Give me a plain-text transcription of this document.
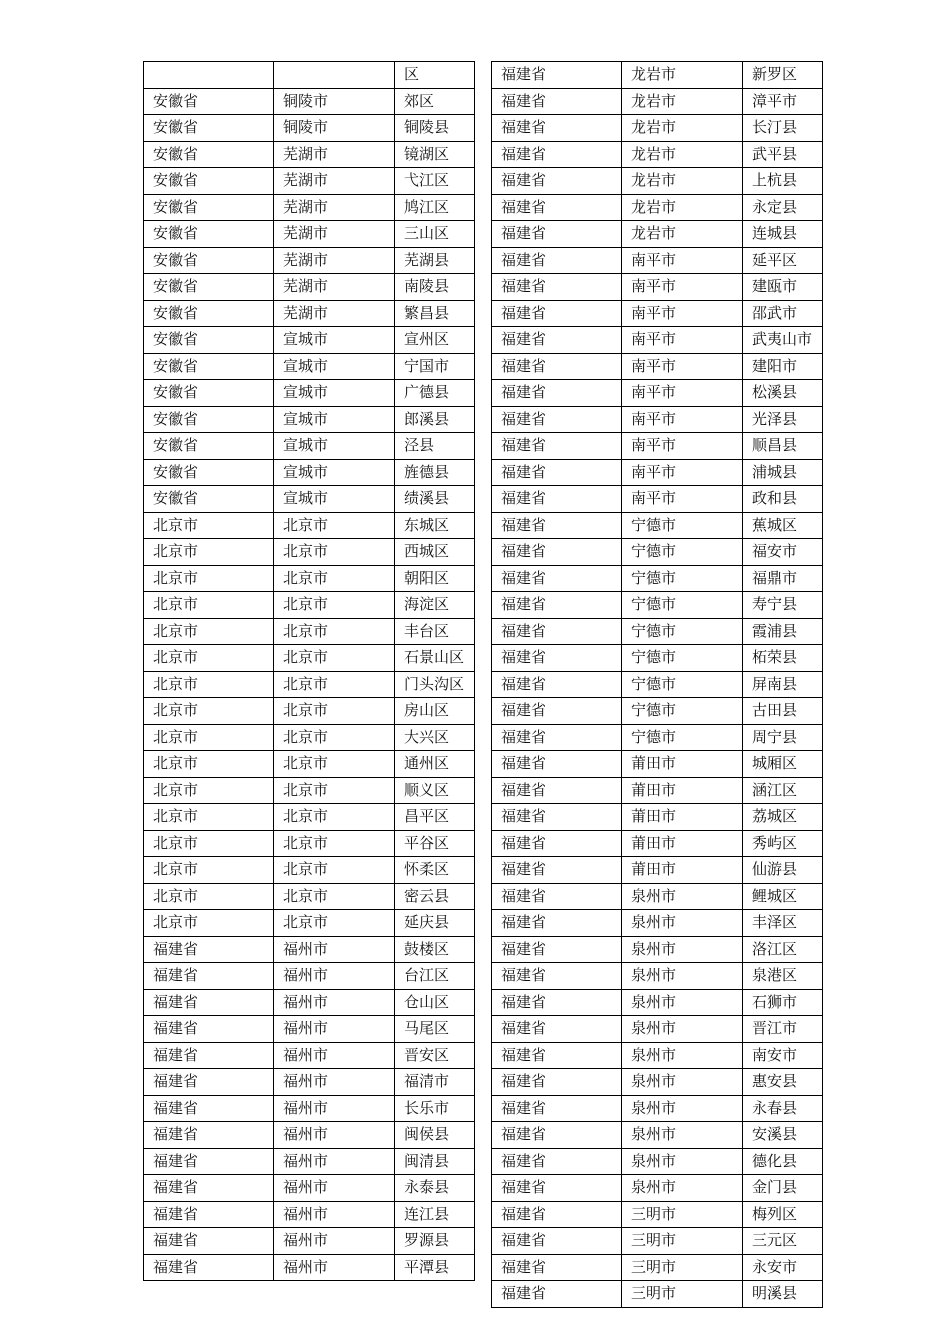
		区
安徽省	铜陵市	郊区
安徽省	铜陵市	铜陵县
安徽省	芜湖市	镜湖区
安徽省	芜湖市	弋江区
安徽省	芜湖市	鸠江区
安徽省	芜湖市	三山区
安徽省	芜湖市	芜湖县
安徽省	芜湖市	南陵县
安徽省	芜湖市	繁昌县
安徽省	宣城市	宣州区
安徽省	宣城市	宁国市
安徽省	宣城市	广德县
安徽省	宣城市	郎溪县
安徽省	宣城市	泾县
安徽省	宣城市	旌德县
安徽省	宣城市	绩溪县
北京市	北京市	东城区
北京市	北京市	西城区
北京市	北京市	朝阳区
北京市	北京市	海淀区
北京市	北京市	丰台区
北京市	北京市	石景山区
北京市	北京市	门头沟区
北京市	北京市	房山区
北京市	北京市	大兴区
北京市	北京市	通州区
北京市	北京市	顺义区
北京市	北京市	昌平区
北京市	北京市	平谷区
北京市	北京市	怀柔区
北京市	北京市	密云县
北京市	北京市	延庆县
福建省	福州市	鼓楼区
福建省	福州市	台江区
福建省	福州市	仓山区
福建省	福州市	马尾区
福建省	福州市	晋安区
福建省	福州市	福清市
福建省	福州市	长乐市
福建省	福州市	闽侯县
福建省	福州市	闽清县
福建省	福州市	永泰县
福建省	福州市	连江县
福建省	福州市	罗源县
福建省	福州市	平潭县
福建省	龙岩市	新罗区
福建省	龙岩市	漳平市
福建省	龙岩市	长汀县
福建省	龙岩市	武平县
福建省	龙岩市	上杭县
福建省	龙岩市	永定县
福建省	龙岩市	连城县
福建省	南平市	延平区
福建省	南平市	建瓯市
福建省	南平市	邵武市
福建省	南平市	武夷山市
福建省	南平市	建阳市
福建省	南平市	松溪县
福建省	南平市	光泽县
福建省	南平市	顺昌县
福建省	南平市	浦城县
福建省	南平市	政和县
福建省	宁德市	蕉城区
福建省	宁德市	福安市
福建省	宁德市	福鼎市
福建省	宁德市	寿宁县
福建省	宁德市	霞浦县
福建省	宁德市	柘荣县
福建省	宁德市	屏南县
福建省	宁德市	古田县
福建省	宁德市	周宁县
福建省	莆田市	城厢区
福建省	莆田市	涵江区
福建省	莆田市	荔城区
福建省	莆田市	秀屿区
福建省	莆田市	仙游县
福建省	泉州市	鲤城区
福建省	泉州市	丰泽区
福建省	泉州市	洛江区
福建省	泉州市	泉港区
福建省	泉州市	石狮市
福建省	泉州市	晋江市
福建省	泉州市	南安市
福建省	泉州市	惠安县
福建省	泉州市	永春县
福建省	泉州市	安溪县
福建省	泉州市	德化县
福建省	泉州市	金门县
福建省	三明市	梅列区
福建省	三明市	三元区
福建省	三明市	永安市
福建省	三明市	明溪县
